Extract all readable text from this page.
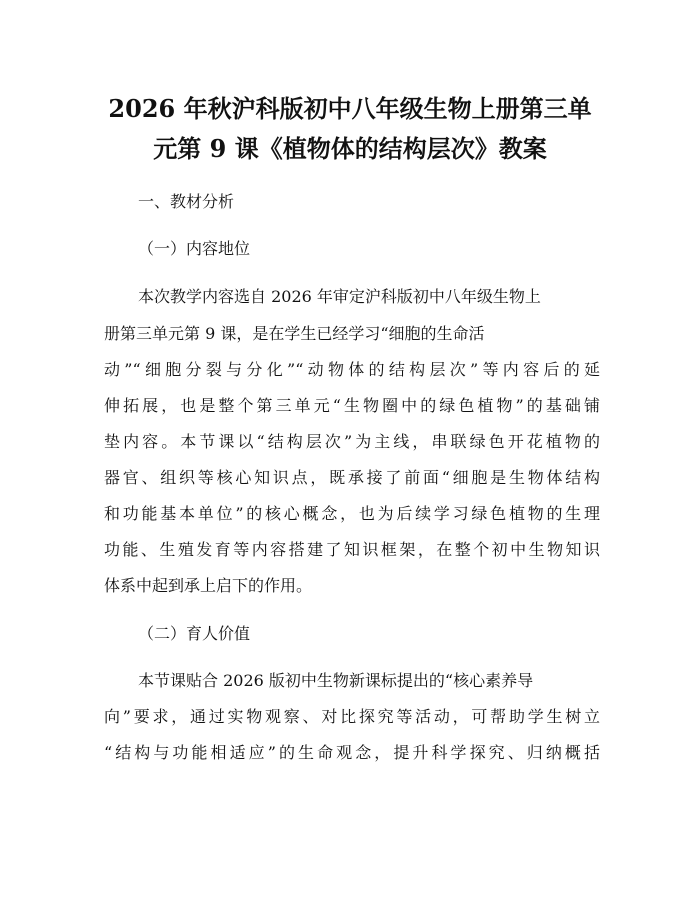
2026 年秋沪科版初中八年级生物上册第三单
元第 9 课《植物体的结构层次》教案
一、教材分析
（一）内容地位
本次教学内容选自 2026 年审定沪科版初中八年级生物上
册第三单元第 9 课，是在学生已经学习“细胞的生命活
动”“细胞分裂与分化”“动物体的结构层次”等内容后的延
伸拓展，也是整个第三单元“生物圈中的绿色植物”的基础铺
垫内容。本节课以“结构层次”为主线，串联绿色开花植物的
器官、组织等核心知识点，既承接了前面“细胞是生物体结构
和功能基本单位”的核心概念，也为后续学习绿色植物的生理
功能、生殖发育等内容搭建了知识框架，在整个初中生物知识
体系中起到承上启下的作用。
（二）育人价值
本节课贴合 2026 版初中生物新课标提出的“核心素养导
向”要求，通过实物观察、对比探究等活动，可帮助学生树立
“结构与功能相适应”的生命观念，提升科学探究、归纳概括
